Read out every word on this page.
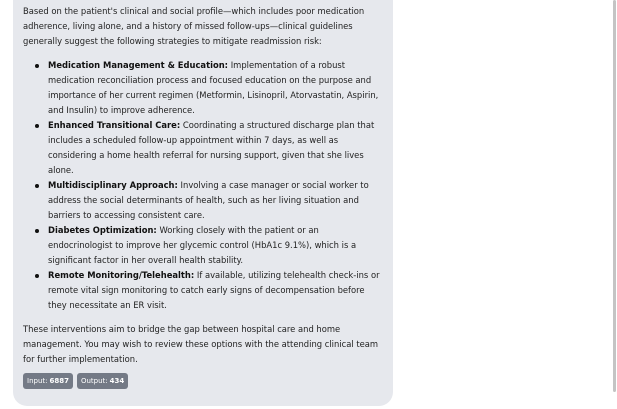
Based on the patient's clinical and social profile—which includes poor medication adherence, living alone, and a history of missed follow-ups—clinical guidelines generally suggest the following strategies to mitigate readmission risk:

Medication Management & Education: Implementation of a robust medication reconciliation process and focused education on the purpose and importance of her current regimen (Metformin, Lisinopril, Atorvastatin, Aspirin, and Insulin) to improve adherence.
Enhanced Transitional Care: Coordinating a structured discharge plan that includes a scheduled follow-up appointment within 7 days, as well as considering a home health referral for nursing support, given that she lives alone.
Multidisciplinary Approach: Involving a case manager or social worker to address the social determinants of health, such as her living situation and barriers to accessing consistent care.
Diabetes Optimization: Working closely with the patient or an endocrinologist to improve her glycemic control (HbA1c 9.1%), which is a significant factor in her overall health stability.
Remote Monitoring/Telehealth: If available, utilizing telehealth check-ins or remote vital sign monitoring to catch early signs of decompensation before they necessitate an ER visit.

These interventions aim to bridge the gap between hospital care and home management. You may wish to review these options with the attending clinical team for further implementation.

Input: 6887 Output: 434
